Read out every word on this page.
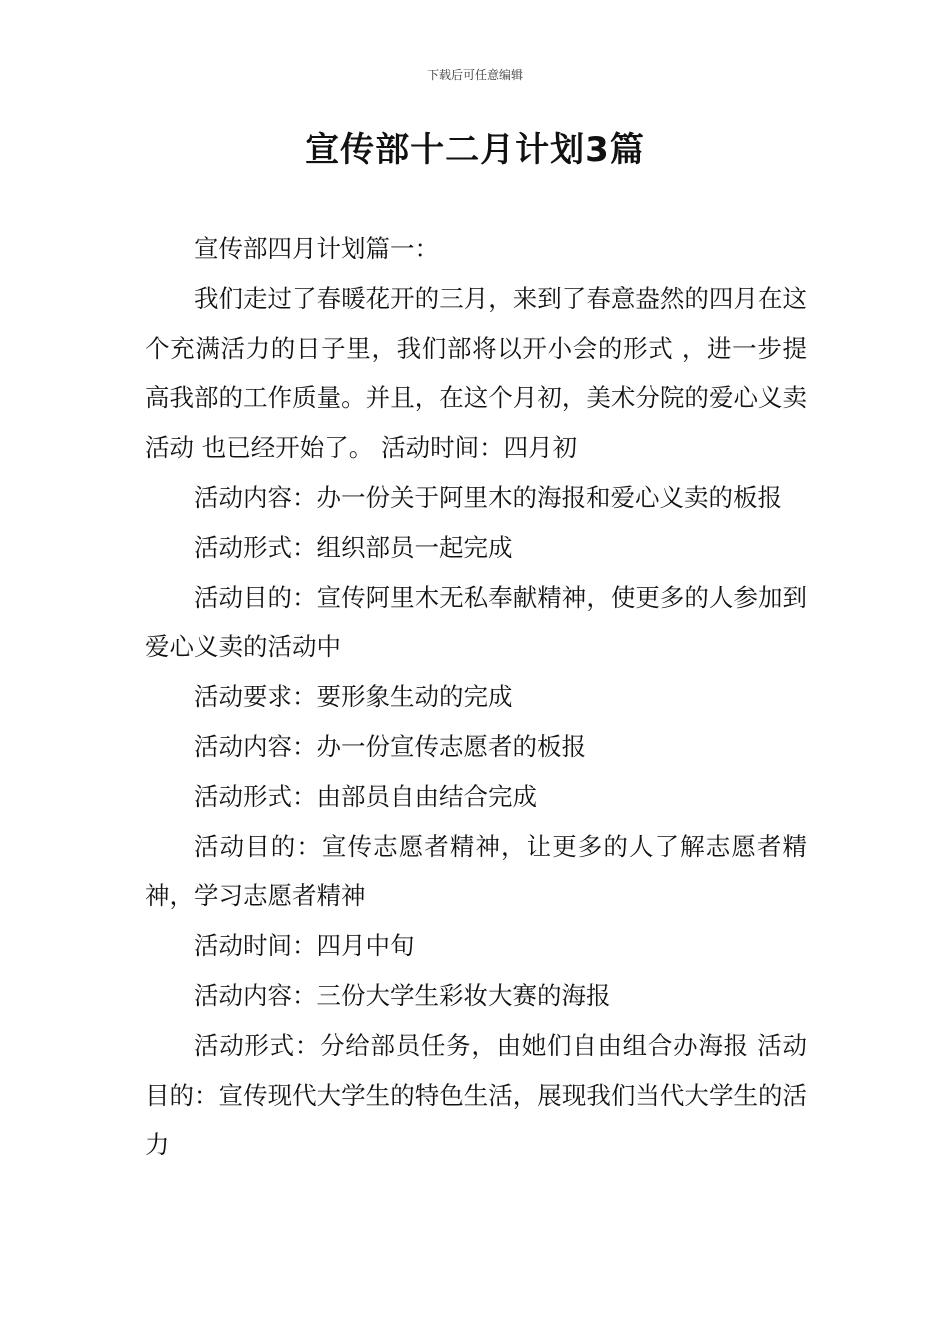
下载后可任意编辑
宣传部十二月计划3篇

宣传部四月计划篇一：

我们走过了春暖花开的三月，来到了春意盎然的四月在这个充满活力的日子里，我们部将以开小会的形式 ，进一步提高我部的工作质量。并且，在这个月初，美术分院的爱心义卖活动 也已经开始了。 活动时间：四月初

活动内容：办一份关于阿里木的海报和爱心义卖的板报

活动形式：组织部员一起完成

活动目的：宣传阿里木无私奉献精神，使更多的人参加到爱心义卖的活动中

活动要求：要形象生动的完成

活动内容：办一份宣传志愿者的板报

活动形式：由部员自由结合完成

活动目的：宣传志愿者精神，让更多的人了解志愿者精神，学习志愿者精神

活动时间：四月中旬

活动内容：三份大学生彩妆大赛的海报

活动形式：分给部员任务，由她们自由组合办海报 活动目的：宣传现代大学生的特色生活，展现我们当代大学生的活力
